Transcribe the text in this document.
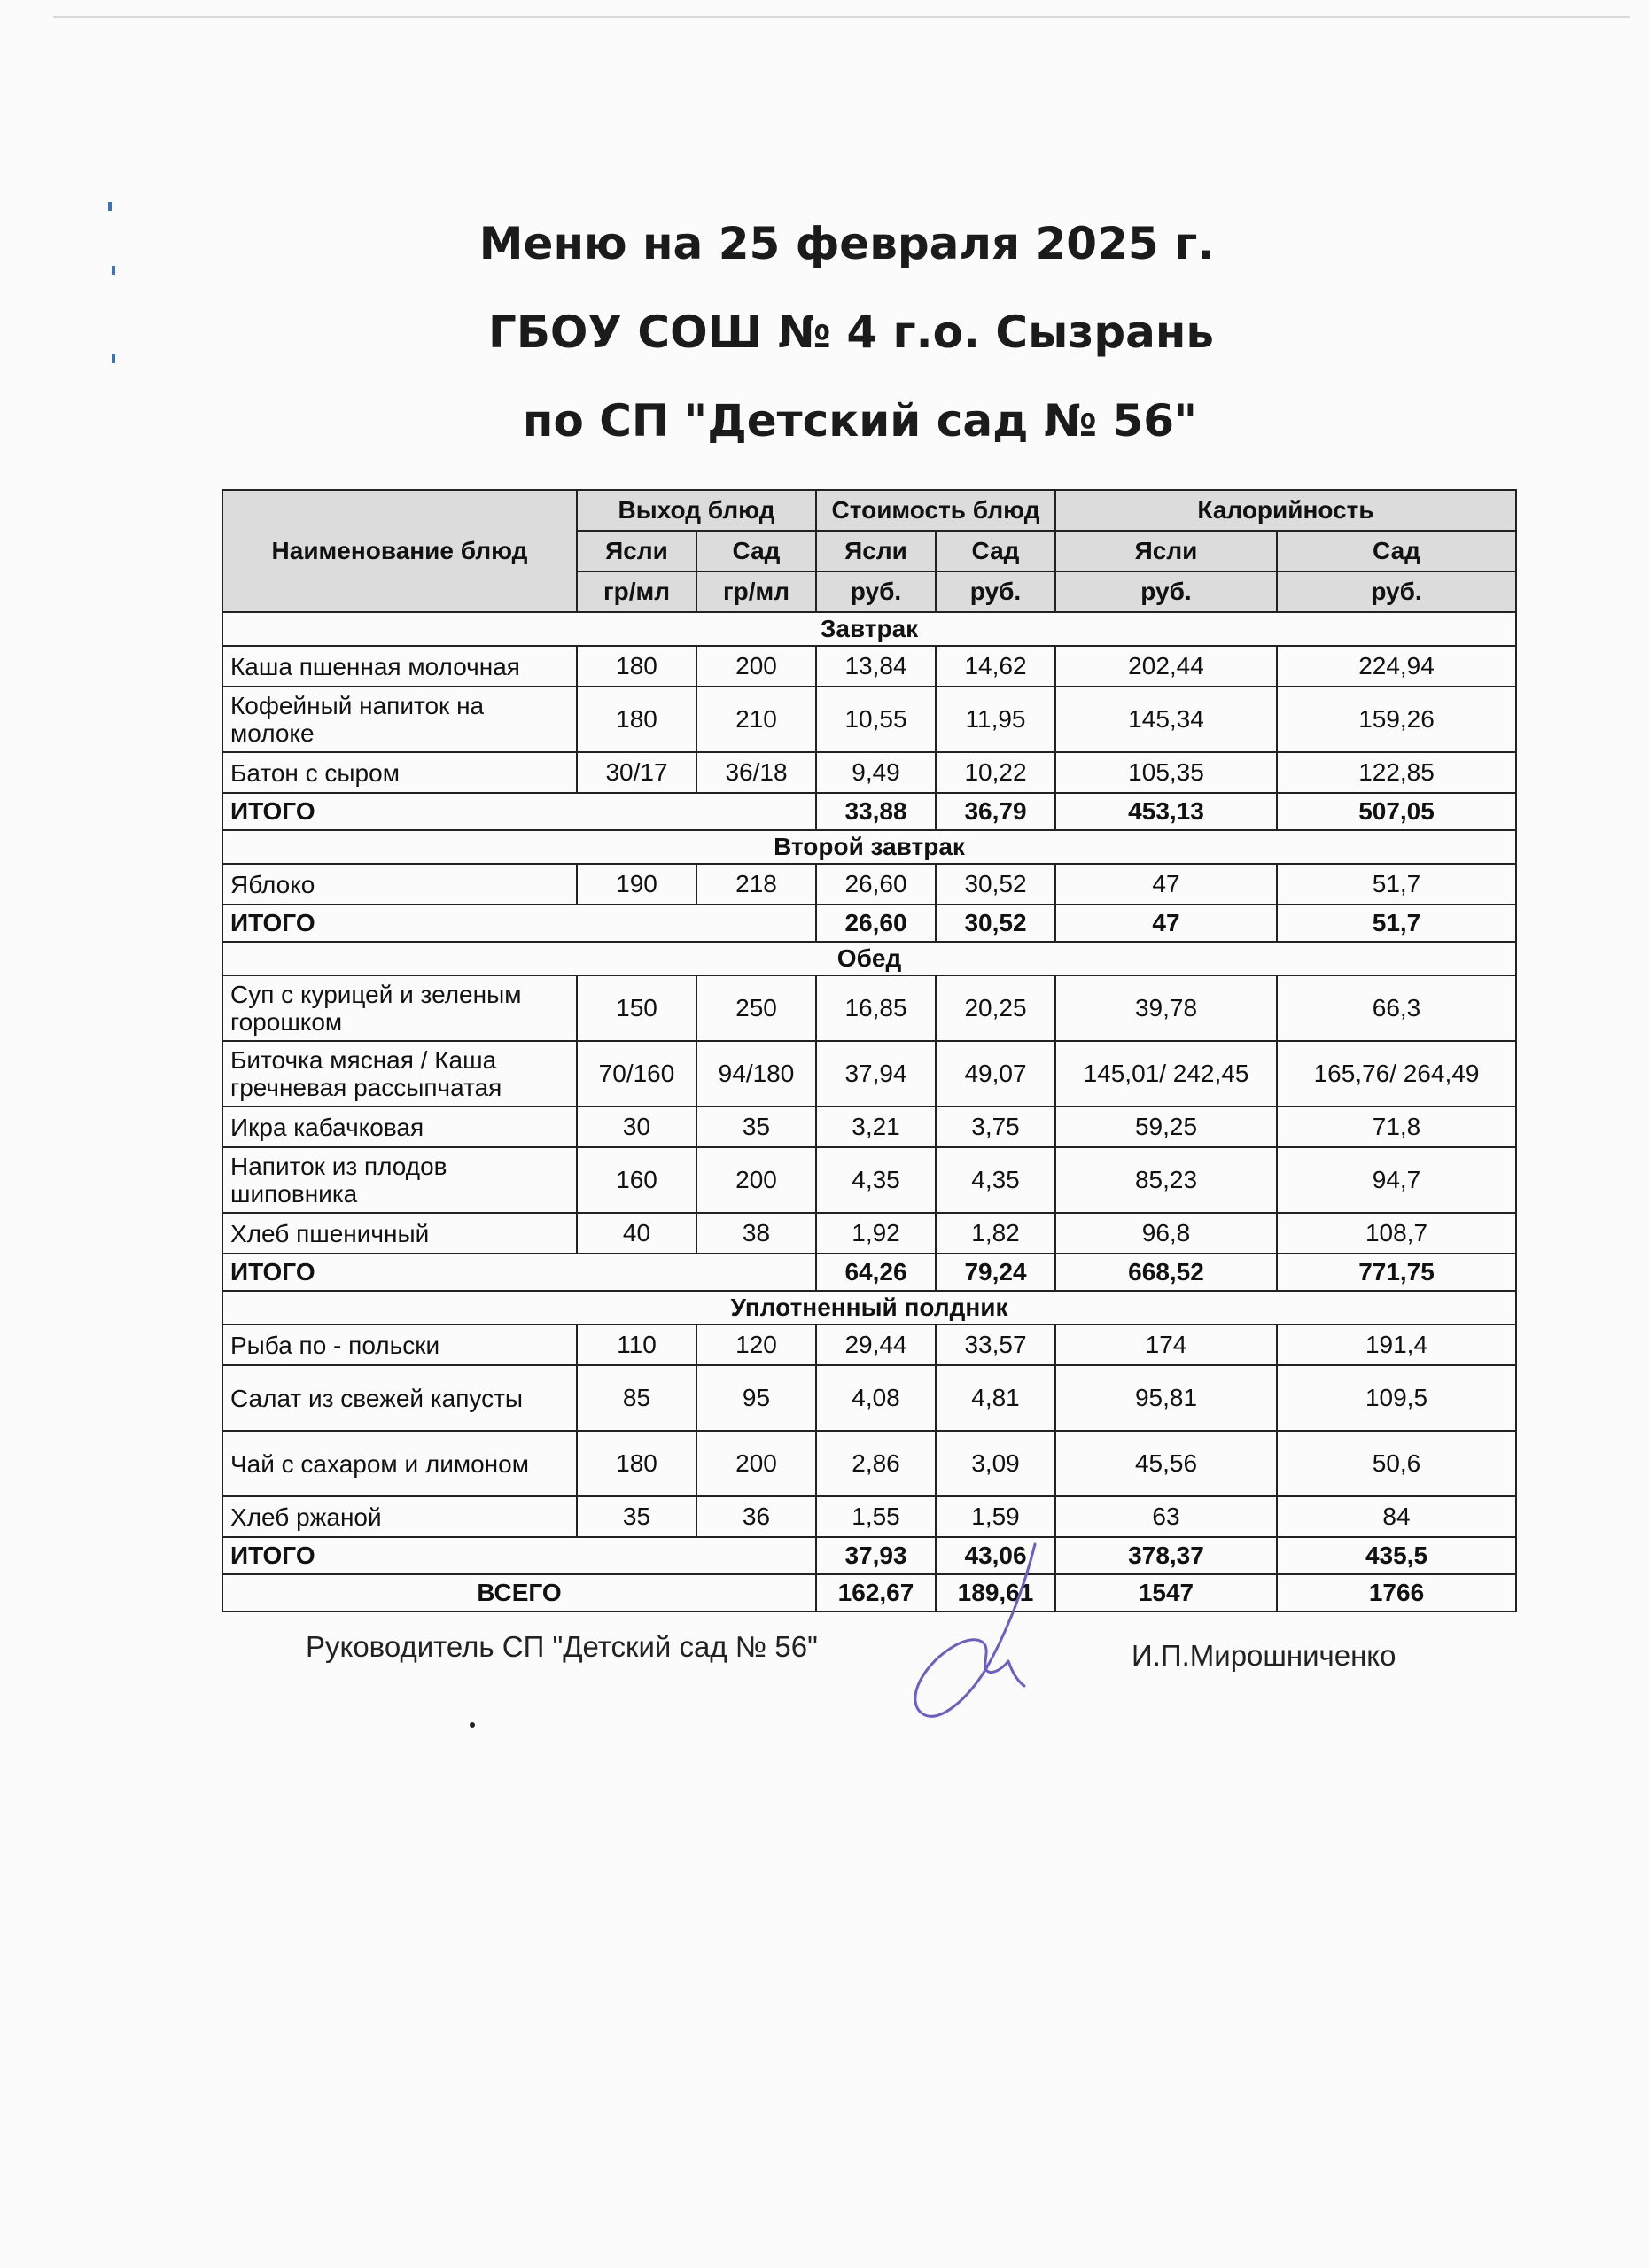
Меню на 25 февраля 2025 г.
ГБОУ СОШ № 4 г.о. Сызрань
по СП "Детский сад № 56"
Наименование блюд	Выход блюд		Стоимость блюд		Калорийность	
	Ясли	Сад	Ясли	Сад	Ясли	Сад
	гр/мл	гр/мл	руб.	руб.	руб.	руб.
Завтрак						
Каша пшенная молочная	180	200	13,84	14,62	202,44	224,94
Кофейный напиток на молоке	180	210	10,55	11,95	145,34	159,26
Батон с сыром	30/17	36/18	9,49	10,22	105,35	122,85
ИТОГО			33,88	36,79	453,13	507,05
Второй завтрак						
Яблоко	190	218	26,60	30,52	47	51,7
ИТОГО			26,60	30,52	47	51,7
Обед						
Суп с курицей и зеленым горошком	150	250	16,85	20,25	39,78	66,3
Биточка мясная / Каша гречневая рассыпчатая	70/160	94/180	37,94	49,07	145,01/ 242,45	165,76/ 264,49
Икра кабачковая	30	35	3,21	3,75	59,25	71,8
Напиток из плодов шиповника	160	200	4,35	4,35	85,23	94,7
Хлеб пшеничный	40	38	1,92	1,82	96,8	108,7
ИТОГО			64,26	79,24	668,52	771,75
Уплотненный полдник						
Рыба по - польски	110	120	29,44	33,57	174	191,4
Салат из свежей капусты	85	95	4,08	4,81	95,81	109,5
Чай с сахаром и лимоном	180	200	2,86	3,09	45,56	50,6
Хлеб ржаной	35	36	1,55	1,59	63	84
ИТОГО			37,93	43,06	378,37	435,5
ВСЕГО			162,67	189,61	1547	1766
Руководитель СП "Детский сад № 56"	И.П.Мирошниченко
